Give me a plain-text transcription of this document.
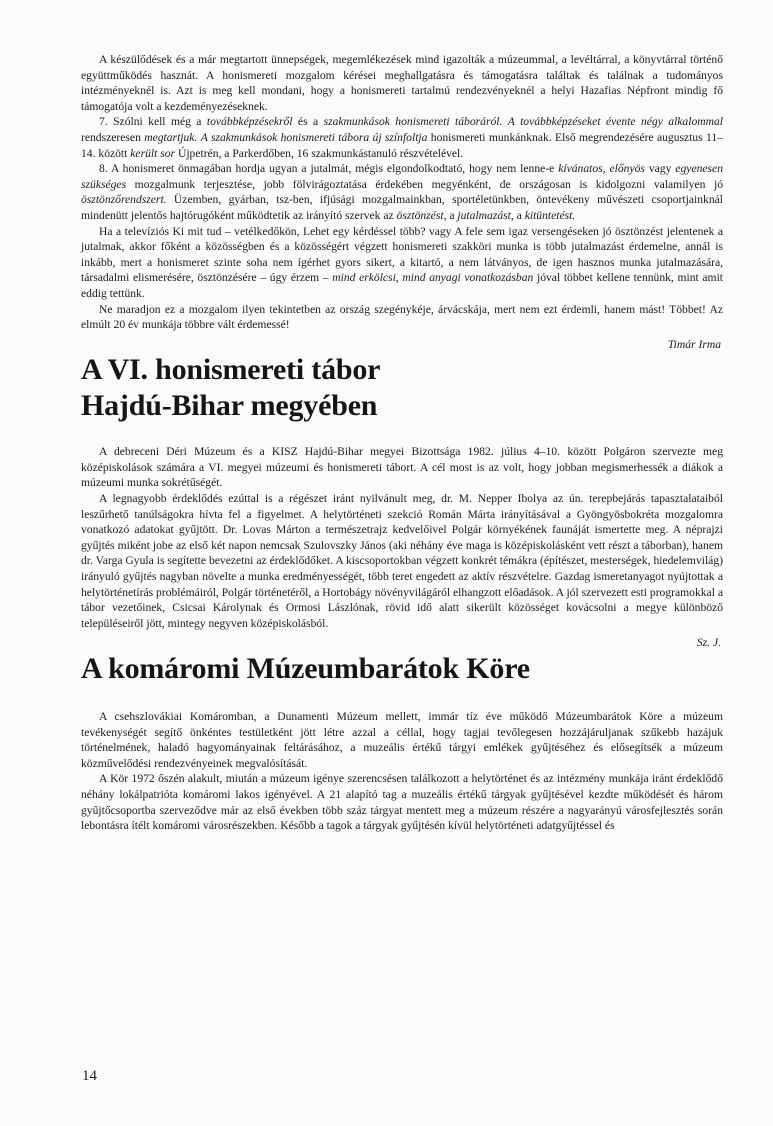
A készülődések és a már megtartott ünnepségek, megemlékezések mind igazolták a múzeummal, a levéltárral, a könyvtárral történő együttműködés hasznát. A honismereti mozgalom kérései meghallgatásra és támogatásra találtak és találnak a tudományos intézményeknél is. Azt is meg kell mondani, hogy a honismereti tartalmú rendezvényeknél a helyi Hazafias Népfront mindig fő támogatója volt a kezdeményezéseknek.

7. Szólni kell még a továbbképzésekről és a szakmunkások honismereti táboráról. A továbbképzéseket évente négy alkalommal rendszeresen megtartjuk. A szakmunkások honismereti tábora új színfoltja honismereti munkánknak. Első megrendezésére augusztus 11–14. között került sor Újpetrén, a Parkerdőben, 16 szakmunkástanuló részvételével.

8. A honismeret önmagában hordja ugyan a jutalmát, mégis elgondolkodtató, hogy nem lenne-e kívánatos, előnyös vagy egyenesen szükséges mozgalmunk terjesztése, jobb fölvirágoztatása érdekében megyénként, de országosan is kidolgozni valamilyen jó ösztönzőrendszert. Üzemben, gyárban, tsz-ben, ifjúsági mozgalmainkban, sportéletünkben, öntevékeny művészeti csoportjainknál mindenütt jelentős hajtórugóként működtetik az irányító szervek az ösztönzést, a jutalmazást, a kitüntetést.

Ha a televíziós Ki mit tud – vetélkedőkön, Lehet egy kérdéssel több? vagy A fele sem igaz versengéseken jó ösztönzést jelentenek a jutalmak, akkor főként a közösségben és a közösségért végzett honismereti szakköri munka is több jutalmazást érdemelne, annál is inkább, mert a honismeret szinte soha nem ígérhet gyors sikert, a kitartó, a nem látványos, de igen hasznos munka jutalmazására, társadalmi elismerésére, ösztönzésére – úgy érzem – mind erkölcsi, mind anyagi vonatkozásban jóval többet kellene tennünk, mint amit eddig tettünk.

Ne maradjon ez a mozgalom ilyen tekintetben az ország szegénykéje, árvácskája, mert nem ezt érdemli, hanem mást! Többet! Az elmúlt 20 év munkája többre vált érdemessé!

Timár Irma
A VI. honismereti tábor
Hajdú-Bihar megyében

A debreceni Déri Múzeum és a KISZ Hajdú-Bihar megyei Bizottsága 1982. július 4–10. között Polgáron szervezte meg középiskolások számára a VI. megyei múzeumi és honismereti tábort. A cél most is az volt, hogy jobban megismerhessék a diákok a múzeumi munka sokrétűségét.

A legnagyobb érdeklődés ezúttal is a régészet iránt nyilvánult meg, dr. M. Nepper Ibolya az ún. terepbejárás tapasztalataiból leszűrhető tanúlságokra hívta fel a figyelmet. A helytörténeti szekció Román Márta irányításával a Gyöngyösbokréta mozgalomra vonatkozó adatokat gyűjtött. Dr. Lovas Márton a természetrajz kedvelőivel Polgár környékének faunáját ismertette meg. A néprajzi gyűjtés miként jobe az első két napon nemcsak Szulovszky János (aki néhány éve maga is középiskolásként vett részt a táborban), hanem dr. Varga Gyula is segítette bevezetni az érdeklődőket. A kiscsoportokban végzett konkrét témákra (építészet, mesterségek, hiedelemvilág) irányuló gyűjtés nagyban növelte a munka eredményességét, több teret engedett az aktív részvételre. Gazdag ismeretanyagot nyújtottak a helytörténetírás problémáiról, Polgár történetéről, a Hortobágy növényvilágáról elhangzott előadások. A jól szervezett esti programokkal a tábor vezetőinek, Csicsai Károlynak és Ormosi Lászlónak, rövid idő alatt sikerült közösséget kovácsolni a megye különböző településeiről jött, mintegy negyven középiskolásból.

Sz. J.
A komáromi Múzeumbarátok Köre

A csehszlovákiai Komáromban, a Dunamenti Múzeum mellett, immár tíz éve működő Múzeumbarátok Köre a múzeum tevékenységét segítő önkéntes testületként jött létre azzal a céllal, hogy tagjai tevőlegesen hozzájáruljanak szűkebb hazájuk történelmének, haladó hagyományainak feltárásához, a muzeális értékű tárgyi emlékek gyűjtéséhez és elősegítsék a múzeum közművelődési rendezvényeinek megvalósítását.

A Kör 1972 őszén alakult, miután a múzeum igénye szerencsésen találkozott a helytörténet és az intézmény munkája iránt érdeklődő néhány lokálpatrióta komáromi lakos igényével. A 21 alapító tag a muzeális értékű tárgyak gyűjtésével kezdte működését és három gyűjtőcsoportba szerveződve már az első években több száz tárgyat mentett meg a múzeum részére a nagyarányú városfejlesztés során lebontásra ítélt komáromi városrészekben. Később a tagok a tárgyak gyűjtésén kívül helytörténeti adatgyűjtéssel és

14
